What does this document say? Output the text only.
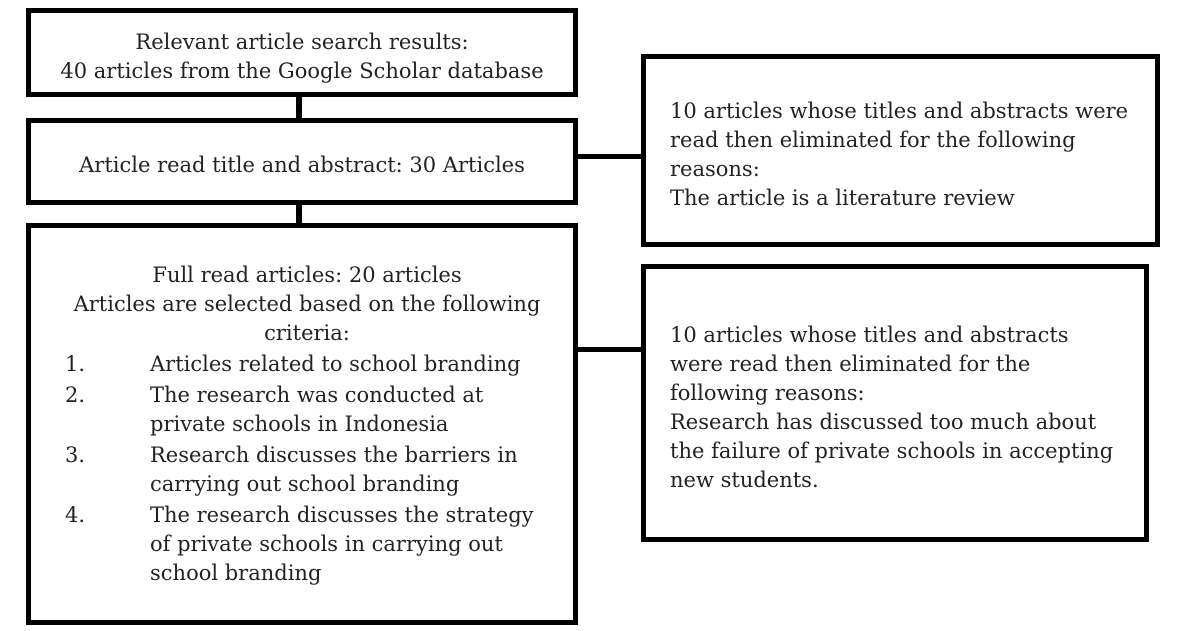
Relevant article search results:
40 articles from the Google Scholar database
Article read title and abstract: 30 Articles
Full read articles: 20 articles
Articles are selected based on the following criteria:
1.	Articles related to school branding
2.	The research was conducted at private schools in Indonesia
3.	Research discusses the barriers in carrying out school branding
4.	The research discusses the strategy of private schools in carrying out school branding

10 articles whose titles and abstracts were read then eliminated for the following reasons:

The article is a literature review

10 articles whose titles and abstracts were read then eliminated for the following reasons:

Research has discussed too much about the failure of private schools in accepting new students.
